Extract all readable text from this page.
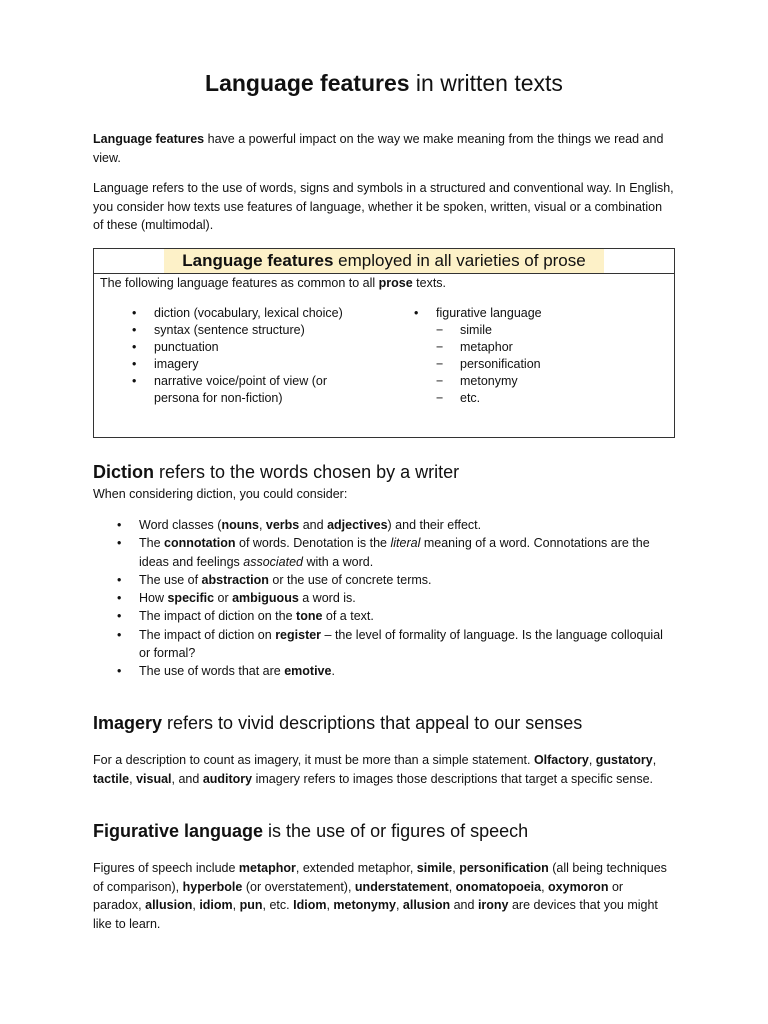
Language features in written texts

Language features have a powerful impact on the way we make meaning from the things we read and view.

Language refers to the use of words, signs and symbols in a structured and conventional way. In English, you consider how texts use features of language, whether it be spoken, written, visual or a combination of these (multimodal).

Language features employed in all varieties of prose
The following language features as common to all prose texts.
• diction (vocabulary, lexical choice)
• syntax (sentence structure)
• punctuation
• imagery
• narrative voice/point of view (or persona for non-fiction)
• figurative language
− simile
− metaphor
− personification
− metonymy
− etc.
Diction refers to the words chosen by a writer

When considering diction, you could consider:

• Word classes (nouns, verbs and adjectives) and their effect.
• The connotation of words. Denotation is the literal meaning of a word. Connotations are the ideas and feelings associated with a word.
• The use of abstraction or the use of concrete terms.
• How specific or ambiguous a word is.
• The impact of diction on the tone of a text.
• The impact of diction on register – the level of formality of language. Is the language colloquial or formal?
• The use of words that are emotive.
Imagery refers to vivid descriptions that appeal to our senses

For a description to count as imagery, it must be more than a simple statement. Olfactory, gustatory, tactile, visual, and auditory imagery refers to images those descriptions that target a specific sense.

Figurative language is the use of or figures of speech

Figures of speech include metaphor, extended metaphor, simile, personification (all being techniques of comparison), hyperbole (or overstatement), understatement, onomatopoeia, oxymoron or paradox, allusion, idiom, pun, etc. Idiom, metonymy, allusion and irony are devices that you might like to learn.
